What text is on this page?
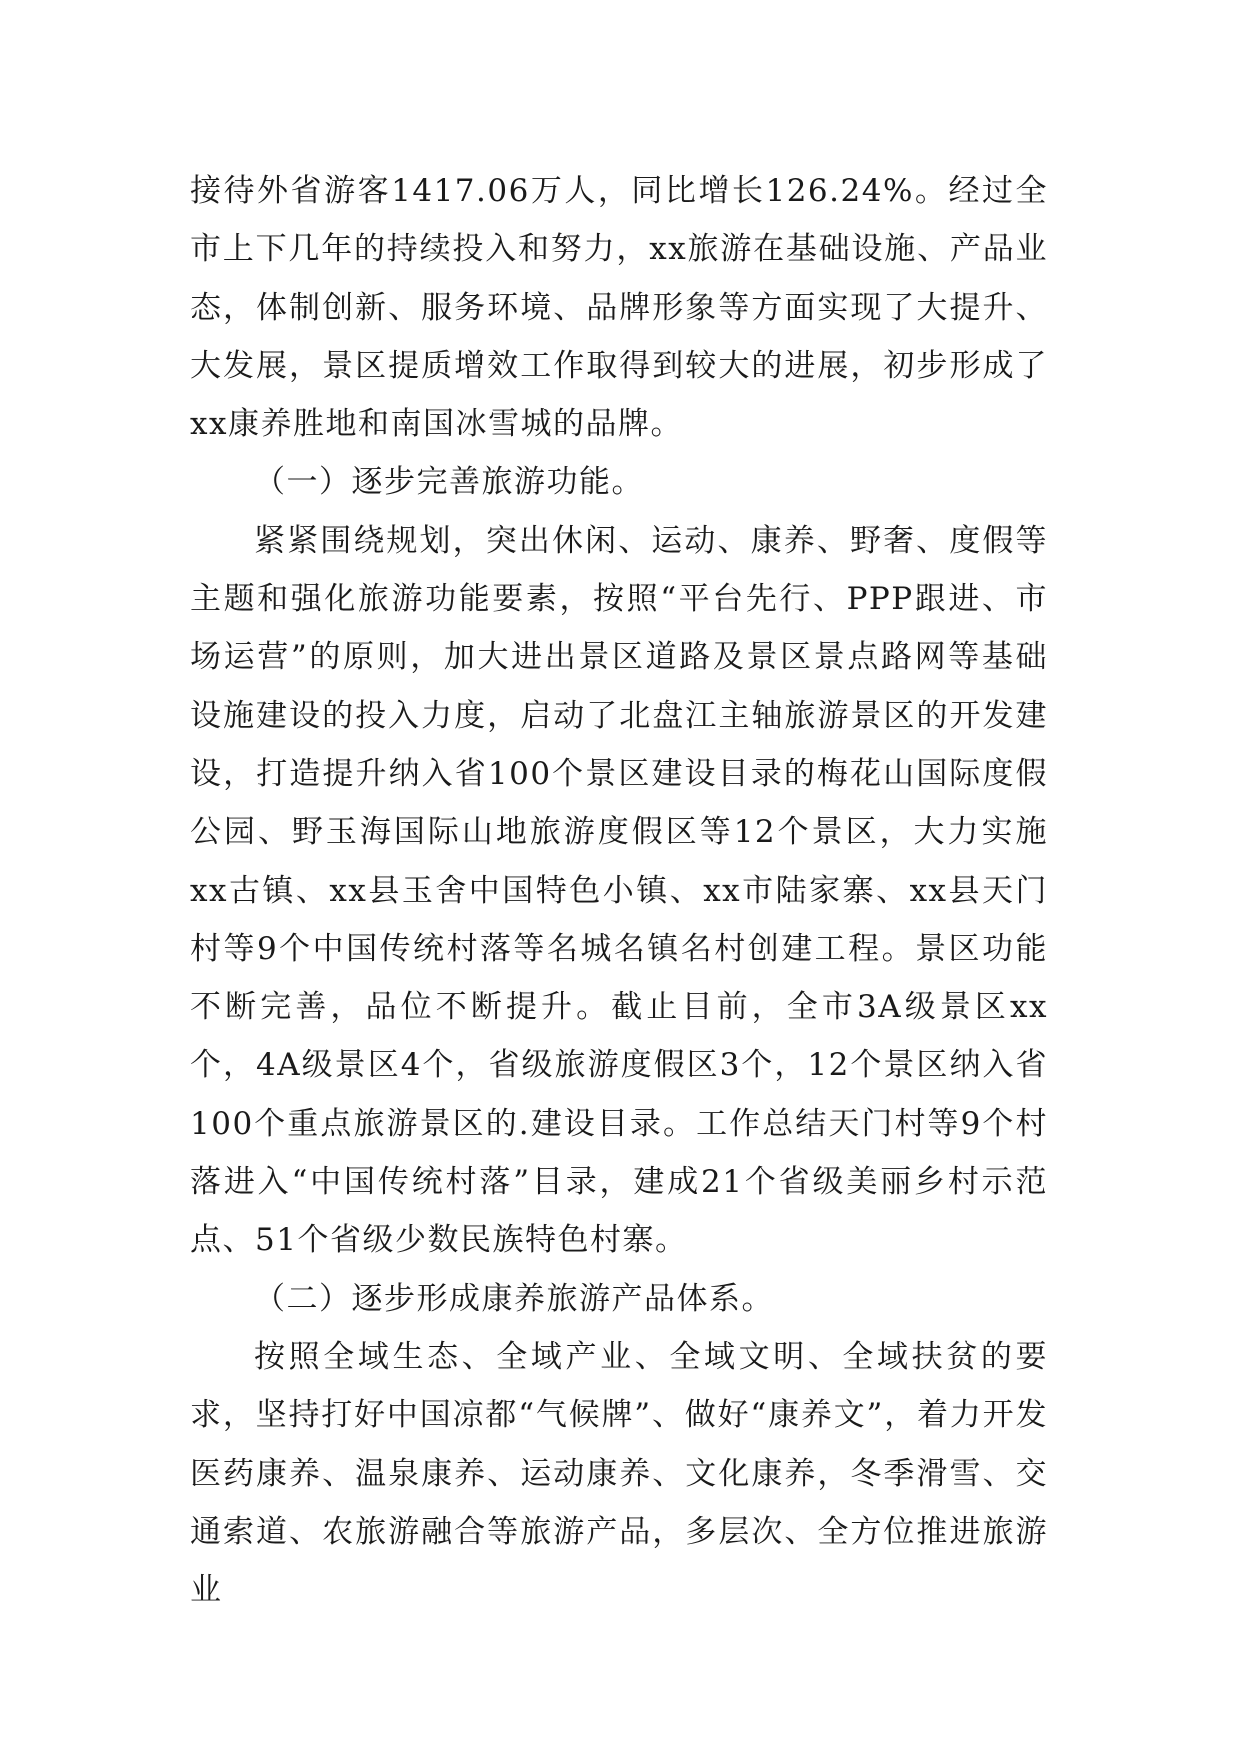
接待外省游客1417.06万人，同比增长126.24%。经过全市上下几年的持续投入和努力，xx旅游在基础设施、产品业态，体制创新、服务环境、品牌形象等方面实现了大提升、大发展，景区提质增效工作取得到较大的进展，初步形成了xx康养胜地和南国冰雪城的品牌。

（一）逐步完善旅游功能。

紧紧围绕规划，突出休闲、运动、康养、野奢、度假等主题和强化旅游功能要素，按照“平台先行、PPP跟进、市场运营”的原则，加大进出景区道路及景区景点路网等基础设施建设的投入力度，启动了北盘江主轴旅游景区的开发建设，打造提升纳入省100个景区建设目录的梅花山国际度假公园、野玉海国际山地旅游度假区等12个景区，大力实施xx古镇、xx县玉舍中国特色小镇、xx市陆家寨、xx县天门村等9个中国传统村落等名城名镇名村创建工程。景区功能不断完善，品位不断提升。截止目前，全市3A级景区xx个，4A级景区4个，省级旅游度假区3个，12个景区纳入省100个重点旅游景区的.建设目录。工作总结天门村等9个村落进入“中国传统村落”目录，建成21个省级美丽乡村示范点、51个省级少数民族特色村寨。

（二）逐步形成康养旅游产品体系。

按照全域生态、全域产业、全域文明、全域扶贫的要求，坚持打好中国凉都“气候牌”、做好“康养文”，着力开发医药康养、温泉康养、运动康养、文化康养，冬季滑雪、交通索道、农旅游融合等旅游产品，多层次、全方位推进旅游业
